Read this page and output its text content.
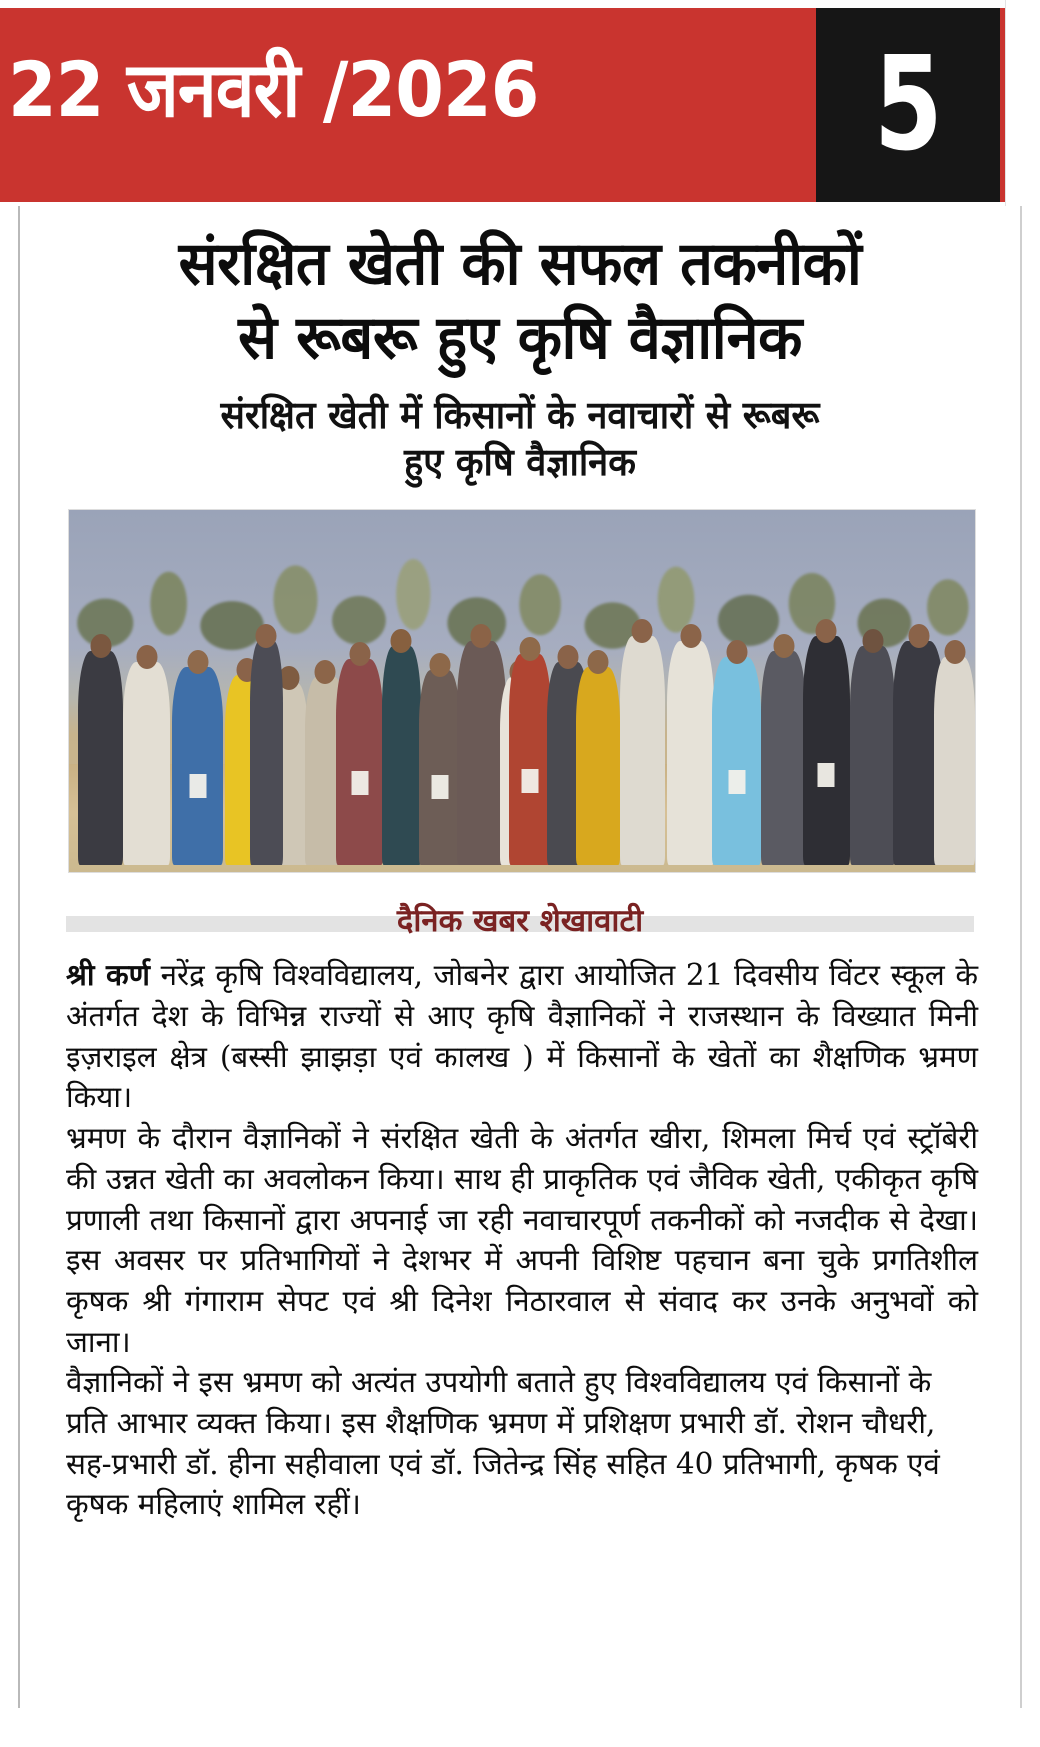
22 जनवरी /2026	5
संरक्षित खेती की सफल तकनीकों
से रूबरू हुए कृषि वैज्ञानिक
संरक्षित खेती में किसानों के नवाचारों से रूबरू
हुए कृषि वैज्ञानिक
दैनिक खबर शेखावाटी

श्री कर्ण नरेंद्र कृषि विश्वविद्यालय, जोबनेर द्वारा आयोजित 21 दिवसीय विंटर स्कूल के अंतर्गत देश के विभिन्न राज्यों से आए कृषि वैज्ञानिकों ने राजस्थान के विख्यात मिनी इज़राइल क्षेत्र (बस्सी झाझड़ा एवं कालख ) में किसानों के खेतों का शैक्षणिक भ्रमण किया।

भ्रमण के दौरान वैज्ञानिकों ने संरक्षित खेती के अंतर्गत खीरा, शिमला मिर्च एवं स्ट्रॉबेरी की उन्नत खेती का अवलोकन किया। साथ ही प्राकृतिक एवं जैविक खेती, एकीकृत कृषि प्रणाली तथा किसानों द्वारा अपनाई जा रही नवाचारपूर्ण तकनीकों को नजदीक से देखा। इस अवसर पर प्रतिभागियों ने देशभर में अपनी विशिष्ट पहचान बना चुके प्रगतिशील कृषक श्री गंगाराम सेपट एवं श्री दिनेश निठारवाल से संवाद कर उनके अनुभवों को जाना।

वैज्ञानिकों ने इस भ्रमण को अत्यंत उपयोगी बताते हुए विश्वविद्यालय एवं किसानों के प्रति आभार व्यक्त किया। इस शैक्षणिक भ्रमण में प्रशिक्षण प्रभारी डॉ. रोशन चौधरी, सह-प्रभारी डॉ. हीना सहीवाला एवं डॉ. जितेन्द्र सिंह सहित 40 प्रतिभागी, कृषक एवं कृषक महिलाएं शामिल रहीं।
